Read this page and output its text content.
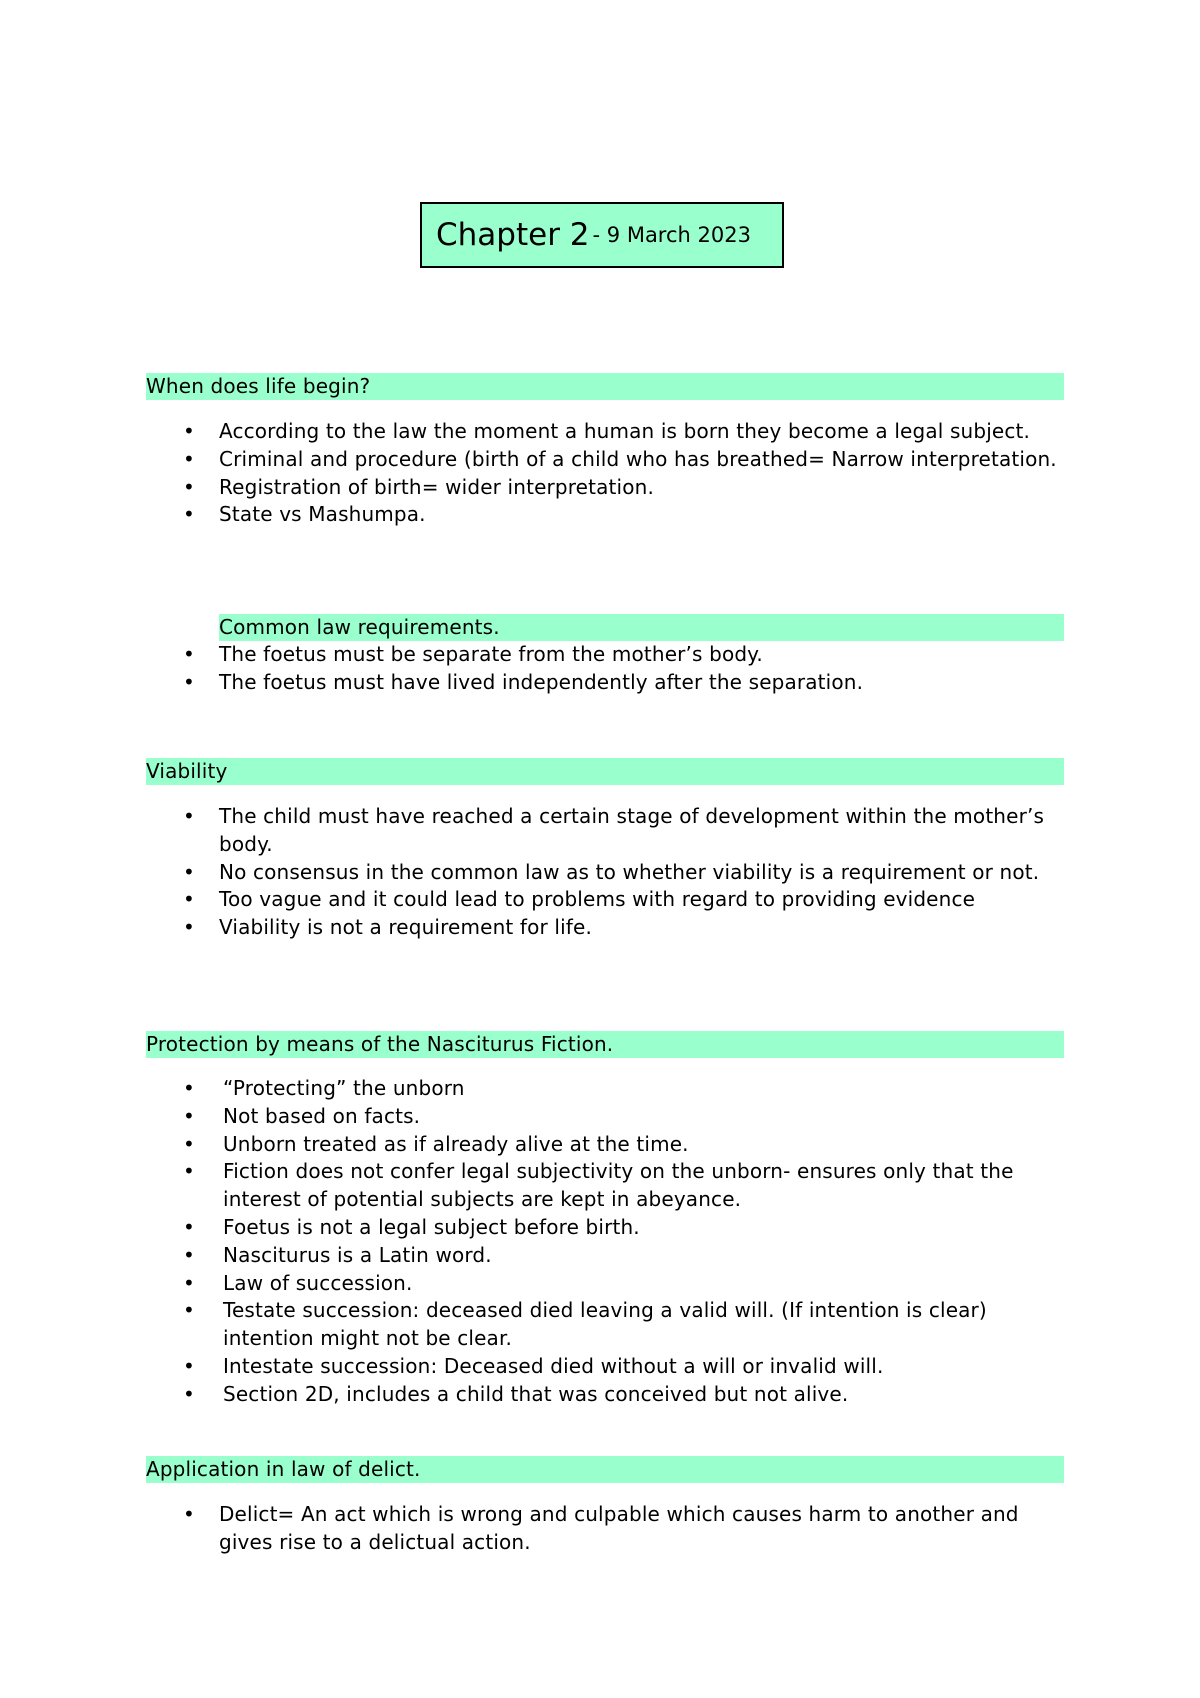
Chapter 2 - 9 March 2023
When does life begin?
• According to the law the moment a human is born they become a legal subject.
• Criminal and procedure (birth of a child who has breathed= Narrow interpretation.
• Registration of birth= wider interpretation.
• State vs Mashumpa.
Common law requirements.
• The foetus must be separate from the mother’s body.
• The foetus must have lived independently after the separation.
Viability
• The child must have reached a certain stage of development within the mother’s body.
• No consensus in the common law as to whether viability is a requirement or not.
• Too vague and it could lead to problems with regard to providing evidence
• Viability is not a requirement for life.
Protection by means of the Nasciturus Fiction.
• “Protecting” the unborn
• Not based on facts.
• Unborn treated as if already alive at the time.
• Fiction does not confer legal subjectivity on the unborn- ensures only that the interest of potential subjects are kept in abeyance.
• Foetus is not a legal subject before birth.
• Nasciturus is a Latin word.
• Law of succession.
• Testate succession: deceased died leaving a valid will. (If intention is clear) intention might not be clear.
• Intestate succession: Deceased died without a will or invalid will.
• Section 2D, includes a child that was conceived but not alive.
Application in law of delict.
• Delict= An act which is wrong and culpable which causes harm to another and gives rise to a delictual action.
